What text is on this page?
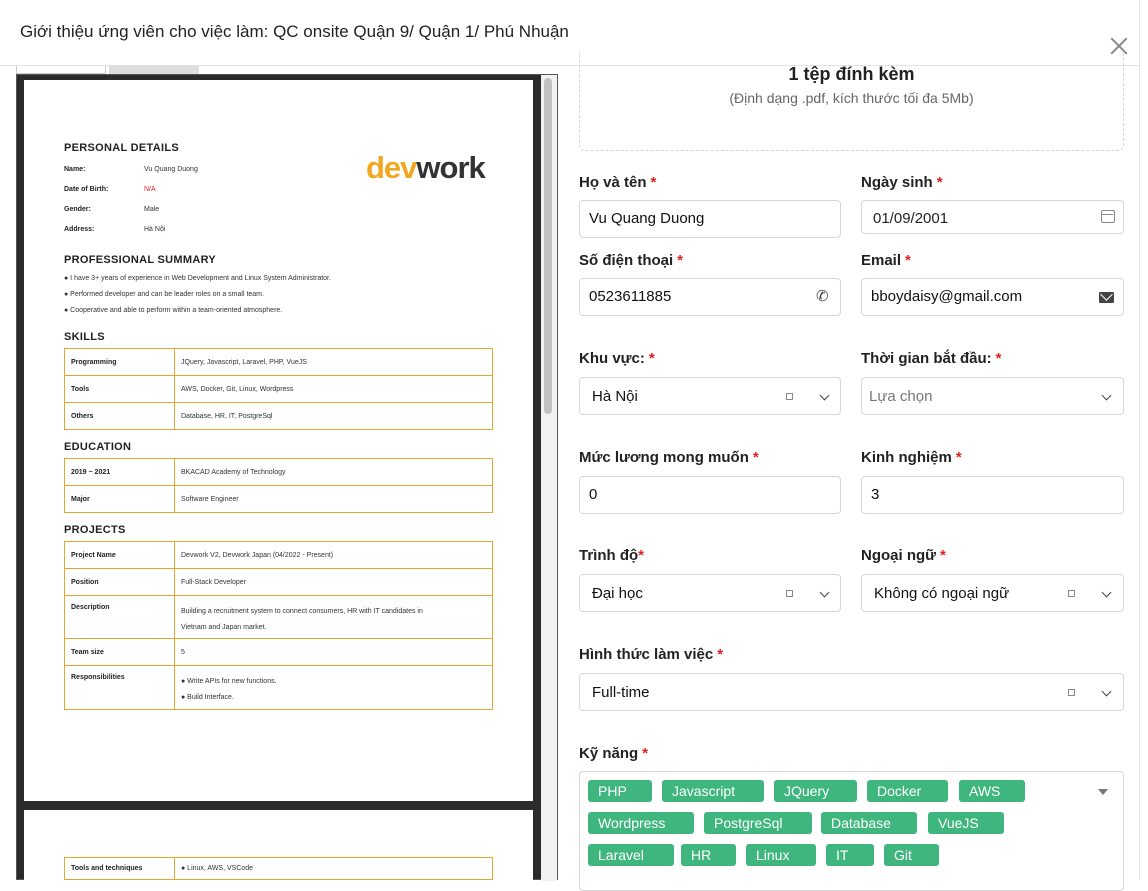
Giới thiệu ứng viên cho việc làm: QC onsite Quận 9/ Quận 1/ Phú Nhuận
PERSONAL DETAILS
Name:	Vu Quang Duong
Date of Birth:	N/A
Gender:	Male
Address:	Hà Nội
devwork
PROFESSIONAL SUMMARY
● I have 3+ years of experience in Web Development and Linux System Administrator.
● Performed developer and can be leader roles on a small team.
● Cooperative and able to perform within a team-oriented atmosphere.
SKILLS
Programming	JQuery, Javascript, Laravel, PHP, VueJS
Tools	AWS, Docker, Git, Linux, Wordpress
Others	Database, HR, IT, PostgreSql
EDUCATION
2019 ~ 2021	BKACAD Academy of Technology
Major	Software Engineer
PROJECTS
Project Name	Devwork V2, Devwork Japan (04/2022 - Present)
Position	Full-Stack Developer
Description	Building a recruitment system to connect consumers, HR with IT candidates in
Vietnam and Japan market.
Team size	5
Responsibilities	● Write APIs for new functions.
● Build Interface.
Tools and techniques	● Linux, AWS, VSCode
1 tệp đính kèm
(Định dạng .pdf, kích thước tối đa 5Mb)
Họ và tên *
Vu Quang Duong	Ngày sinh *
01/09/2001
Số điện thoại *
0523611885
✆
Email *
bboydaisy@gmail.com
Khu vực: *
Hà Nội
Thời gian bắt đầu: *
Lựa chọn
Mức lương mong muốn *
0	Kinh nghiệm *
3
Trình độ*
Đại học
Ngoại ngữ *
Không có ngoại ngữ
Hình thức làm việc *
Full-time
Kỹ năng *
PHP	Javascript	JQuery	Docker	AWS
Wordpress	PostgreSql	Database	VueJS
Laravel	HR	Linux	IT	Git
